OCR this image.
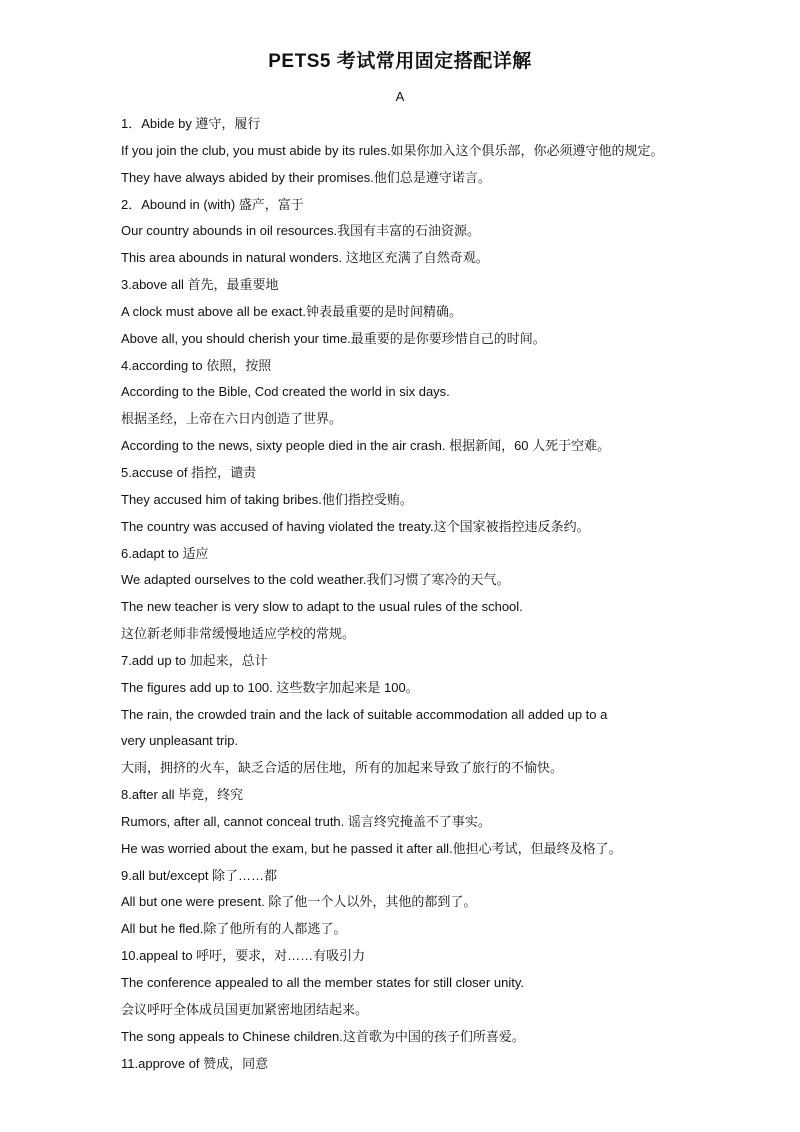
PETS5 考试常用固定搭配详解
A
1．Abide by 遵守，履行
If you join the club, you must abide by its rules.如果你加入这个俱乐部，你必须遵守他的规定。
They have always abided by their promises.他们总是遵守诺言。
2．Abound in (with) 盛产，富于
Our country abounds in oil resources.我国有丰富的石油资源。
This area abounds in natural wonders. 这地区充满了自然奇观。
3.above all 首先，最重要地
A clock must above all be exact.钟表最重要的是时间精确。
Above all, you should cherish your time.最重要的是你要珍惜自己的时间。
4.according to 依照，按照
According to the Bible, Cod created the world in six days.
根据圣经，上帝在六日内创造了世界。
According to the news, sixty people died in the air crash. 根据新闻，60 人死于空难。
5.accuse of 指控，谴责
They accused him of taking bribes.他们指控受贿。
The country was accused of having violated the treaty.这个国家被指控违反条约。
6.adapt to 适应
We adapted ourselves to the cold weather.我们习惯了寒冷的天气。
The new teacher is very slow to adapt to the usual rules of the school.
这位新老师非常缓慢地适应学校的常规。
7.add up to 加起来，总计
The figures add up to 100. 这些数字加起来是 100。
The rain, the crowded train and the lack of suitable accommodation all added up to a
very unpleasant trip.
大雨，拥挤的火车，缺乏合适的居住地，所有的加起来导致了旅行的不愉快。
8.after all 毕竟，终究
Rumors, after all, cannot conceal truth. 谣言终究掩盖不了事实。
He was worried about the exam, but he passed it after all.他担心考试，但最终及格了。
9.all but/except 除了……都
All but one were present. 除了他一个人以外，其他的都到了。
All but he fled.除了他所有的人都逃了。
10.appeal to 呼吁，要求，对……有吸引力
The conference appealed to all the member states for still closer unity.
会议呼吁全体成员国更加紧密地团结起来。
The song appeals to Chinese children.这首歌为中国的孩子们所喜爱。
11.approve of 赞成，同意
